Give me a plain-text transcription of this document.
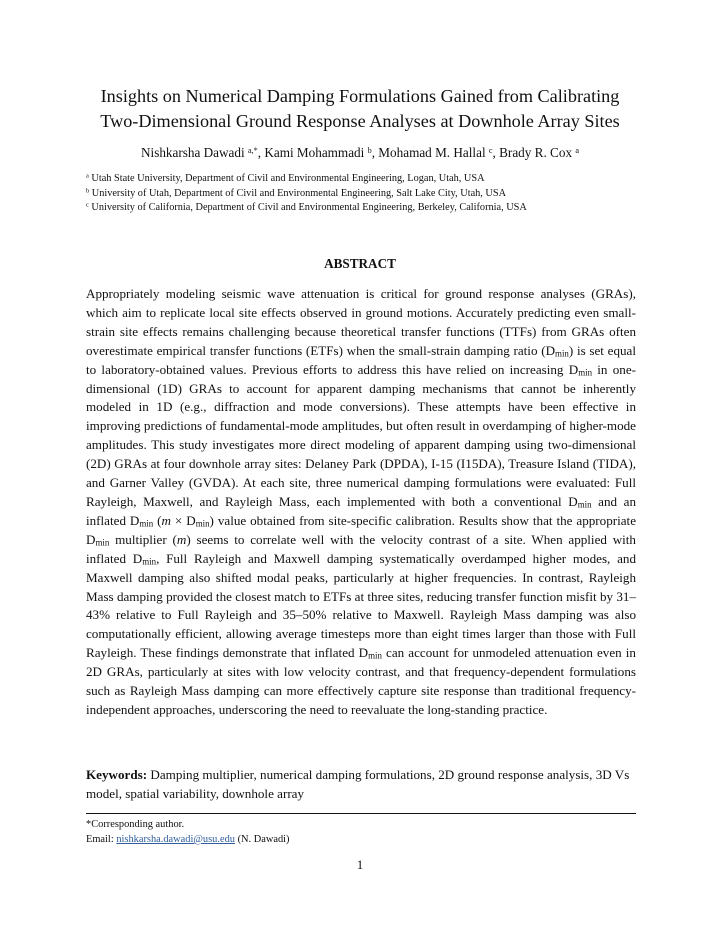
Insights on Numerical Damping Formulations Gained from Calibrating
Two-Dimensional Ground Response Analyses at Downhole Array Sites
Nishkarsha Dawadi $^{a,*}$, Kami Mohammadi $^b$, Mohamad M. Hallal $^c$, Brady R. Cox $^a$
$^a$ Utah State University, Department of Civil and Environmental Engineering, Logan, Utah, USA
$^b$ University of Utah, Department of Civil and Environmental Engineering, Salt Lake City, Utah, USA
$^c$ University of California, Department of Civil and Environmental Engineering, Berkeley, California, USA
ABSTRACT

Appropriately modeling seismic wave attenuation is critical for ground response analyses (GRAs), which aim to replicate local site effects observed in ground motions. Accurately predicting even small-strain site effects remains challenging because theoretical transfer functions (TTFs) from GRAs often overestimate empirical transfer functions (ETFs) when the small-strain damping ratio $(D_{min})$ is set equal to laboratory-obtained values. Previous efforts to address this have relied on increasing $D_{min}$ in one-dimensional (1D) GRAs to account for apparent damping mechanisms that cannot be inherently modeled in 1D (e.g., diffraction and mode conversions). These attempts have been effective in improving predictions of fundamental-mode amplitudes, but often result in overdamping of higher-mode amplitudes. This study investigates more direct modeling of apparent damping using two-dimensional (2D) GRAs at four downhole array sites: Delaney Park (DPDA), I-15 (I15DA), Treasure Island (TIDA), and Garner Valley (GVDA). At each site, three numerical damping formulations were evaluated: Full Rayleigh, Maxwell, and Rayleigh Mass, each implemented with both a conventional $D_{min}$ and an inflated $D_{min}$ $(m \times D_{min})$ value obtained from site-specific calibration. Results show that the appropriate $D_{min}$ multiplier (m) seems to correlate well with the velocity contrast of a site. When applied with inflated $D_{min}$, Full Rayleigh and Maxwell damping systematically overdamped higher modes, and Maxwell damping also shifted modal peaks, particularly at higher frequencies. In contrast, Rayleigh Mass damping provided the closest match to ETFs at three sites, reducing transfer function misfit by 31–43% relative to Full Rayleigh and 35–50% relative to Maxwell. Rayleigh Mass damping was also computationally efficient, allowing average timesteps more than eight times larger than those with Full Rayleigh. These findings demonstrate that inflated $D_{min}$ can account for unmodeled attenuation even in 2D GRAs, particularly at sites with low velocity contrast, and that frequency-dependent formulations such as Rayleigh Mass damping can more effectively capture site response than traditional frequency-independent approaches, underscoring the need to reevaluate the long-standing practice.

Keywords: Damping multiplier, numerical damping formulations, 2D ground response analysis, 3D Vs model, spatial variability, downhole array

*Corresponding author.
Email: nishkarsha.dawadi@usu.edu (N. Dawadi)
1
